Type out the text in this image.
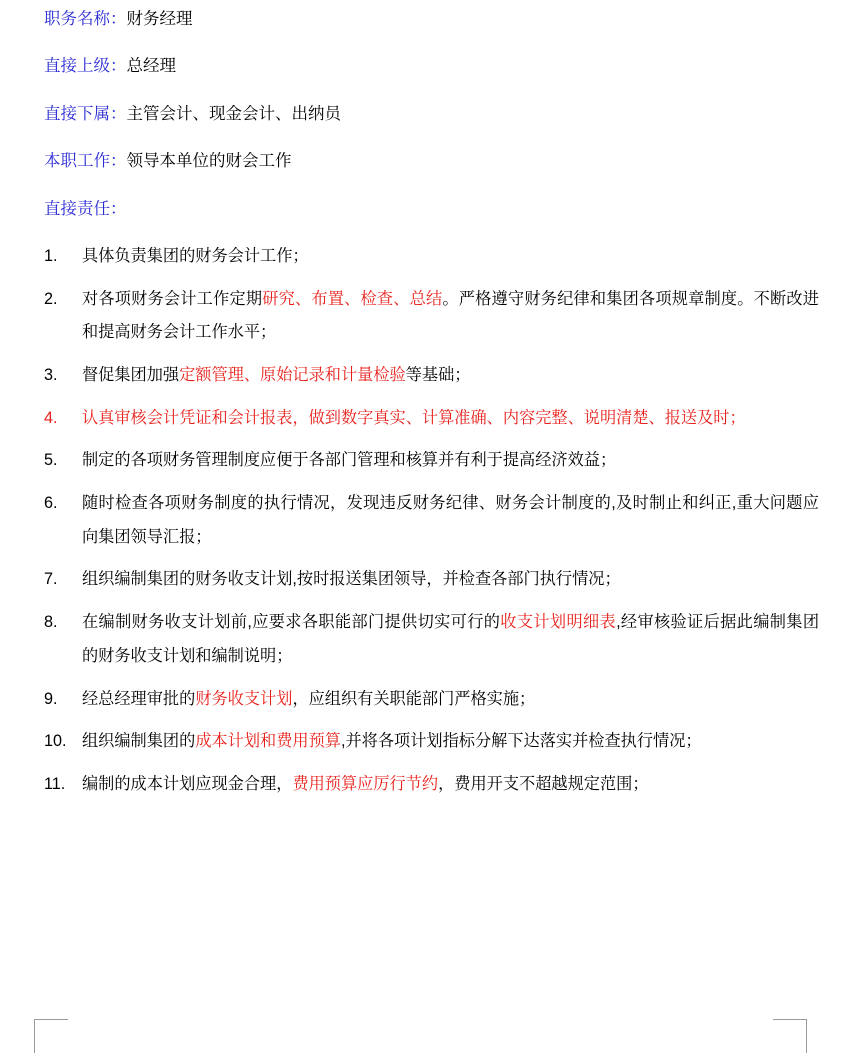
职务名称：财务经理

直接上级：总经理

直接下属：主管会计、现金会计、出纳员

本职工作：领导本单位的财会工作

直接责任：

1.	具体负责集团的财务会计工作；
2.	对各项财务会计工作定期研究、布置、检查、总结。严格遵守财务纪律和集团各项规章制度。不断改进和提高财务会计工作水平；
3.	督促集团加强定额管理、原始记录和计量检验等基础；
4.	认真审核会计凭证和会计报表，做到数字真实、计算准确、内容完整、说明清楚、报送及时；
5.	制定的各项财务管理制度应便于各部门管理和核算并有利于提高经济效益；
6.	随时检查各项财务制度的执行情况，发现违反财务纪律、财务会计制度的,及时制止和纠正,重大问题应向集团领导汇报；
7.	组织编制集团的财务收支计划,按时报送集团领导，并检查各部门执行情况；
8.	在编制财务收支计划前,应要求各职能部门提供切实可行的收支计划明细表,经审核验证后据此编制集团的财务收支计划和编制说明；
9.	经总经理审批的财务收支计划，应组织有关职能部门严格实施；
10. 组织编制集团的成本计划和费用预算,并将各项计划指标分解下达落实并检查执行情况；
11.	编制的成本计划应现金合理，费用预算应厉行节约，费用开支不超越规定范围；
